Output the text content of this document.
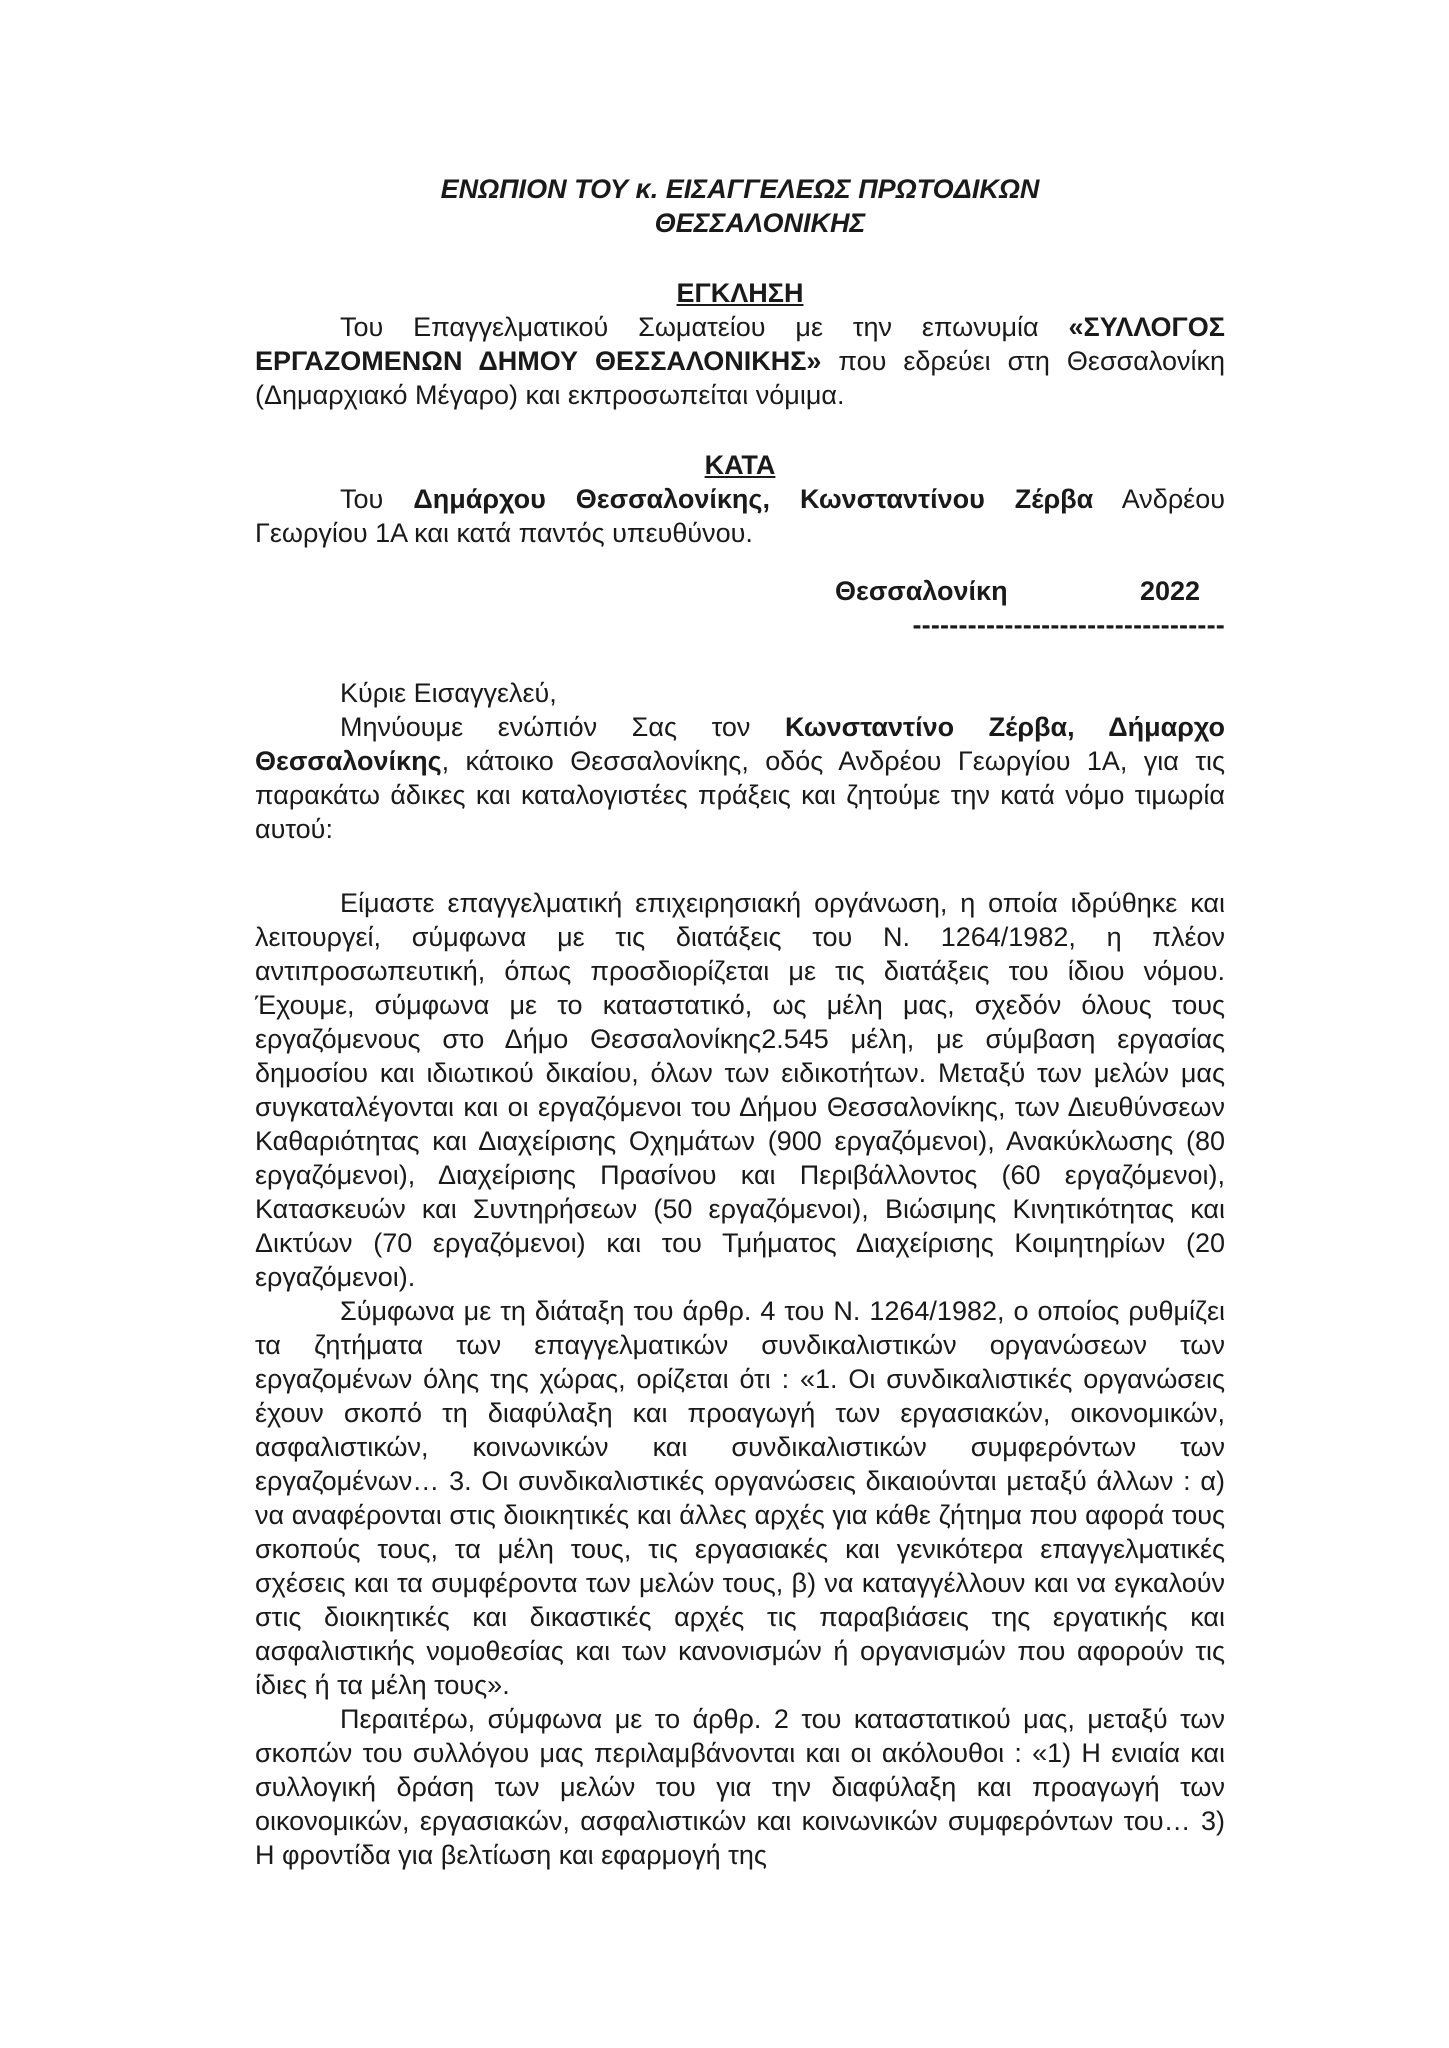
ΕΝΩΠΙΟΝ ΤΟΥ κ. ΕΙΣΑΓΓΕΛΕΩΣ ΠΡΩΤΟΔΙΚΩΝ
ΘΕΣΣΑΛΟΝΙΚΗΣ
ΕΓΚΛΗΣΗ

Του Επαγγελματικού Σωματείου με την επωνυμία «ΣΥΛΛΟΓΟΣ ΕΡΓΑΖΟΜΕΝΩΝ ΔΗΜΟΥ ΘΕΣΣΑΛΟΝΙΚΗΣ» που εδρεύει στη Θεσσαλονίκη (Δημαρχιακό Μέγαρο) και εκπροσωπείται νόμιμα.

ΚΑΤΑ

Του Δημάρχου Θεσσαλονίκης, Κωνσταντίνου Ζέρβα Ανδρέου Γεωργίου 1Α και κατά παντός υπευθύνου.

Θεσσαλονίκη	2022
----------------------------------

Κύριε Εισαγγελεύ,

Μηνύουμε ενώπιόν Σας τον Κωνσταντίνο Ζέρβα, Δήμαρχο Θεσσαλονίκης, κάτοικο Θεσσαλονίκης, οδός Ανδρέου Γεωργίου 1Α, για τις παρακάτω άδικες και καταλογιστέες πράξεις και ζητούμε την κατά νόμο τιμωρία αυτού:

Είμαστε επαγγελματική επιχειρησιακή οργάνωση, η οποία ιδρύθηκε και λειτουργεί, σύμφωνα με τις διατάξεις του Ν. 1264/1982, η πλέον αντιπροσωπευτική, όπως προσδιορίζεται με τις διατάξεις του ίδιου νόμου. Έχουμε, σύμφωνα με το καταστατικό, ως μέλη μας, σχεδόν όλους τους εργαζόμενους στο Δήμο Θεσσαλονίκης2.545 μέλη, με σύμβαση εργασίας δημοσίου και ιδιωτικού δικαίου, όλων των ειδικοτήτων. Μεταξύ των μελών μας συγκαταλέγονται και οι εργαζόμενοι του Δήμου Θεσσαλονίκης, των Διευθύνσεων Καθαριότητας και Διαχείρισης Οχημάτων (900 εργαζόμενοι), Ανακύκλωσης (80 εργαζόμενοι), Διαχείρισης Πρασίνου και Περιβάλλοντος (60 εργαζόμενοι), Κατασκευών και Συντηρήσεων (50 εργαζόμενοι), Βιώσιμης Κινητικότητας και Δικτύων (70 εργαζόμενοι) και του Τμήματος Διαχείρισης Κοιμητηρίων (20 εργαζόμενοι).

Σύμφωνα με τη διάταξη του άρθρ. 4 του Ν. 1264/1982, ο οποίος ρυθμίζει τα ζητήματα των επαγγελματικών συνδικαλιστικών οργανώσεων των εργαζομένων όλης της χώρας, ορίζεται ότι : «1. Οι συνδικαλιστικές οργανώσεις έχουν σκοπό τη διαφύλαξη και προαγωγή των εργασιακών, οικονομικών, ασφαλιστικών, κοινωνικών και συνδικαλιστικών συμφερόντων των εργαζομένων… 3. Οι συνδικαλιστικές οργανώσεις δικαιούνται μεταξύ άλλων : α) να αναφέρονται στις διοικητικές και άλλες αρχές για κάθε ζήτημα που αφορά τους σκοπούς τους, τα μέλη τους, τις εργασιακές και γενικότερα επαγγελματικές σχέσεις και τα συμφέροντα των μελών τους, β) να καταγγέλλουν και να εγκαλούν στις διοικητικές και δικαστικές αρχές τις παραβιάσεις της εργατικής και ασφαλιστικής νομοθεσίας και των κανονισμών ή οργανισμών που αφορούν τις ίδιες ή τα μέλη τους».

Περαιτέρω, σύμφωνα με το άρθρ. 2 του καταστατικού μας, μεταξύ των σκοπών του συλλόγου μας περιλαμβάνονται και οι ακόλουθοι : «1) Η ενιαία και συλλογική δράση των μελών του για την διαφύλαξη και προαγωγή των οικονομικών, εργασιακών, ασφαλιστικών και κοινωνικών συμφερόντων του… 3) Η φροντίδα για βελτίωση και εφαρμογή της
